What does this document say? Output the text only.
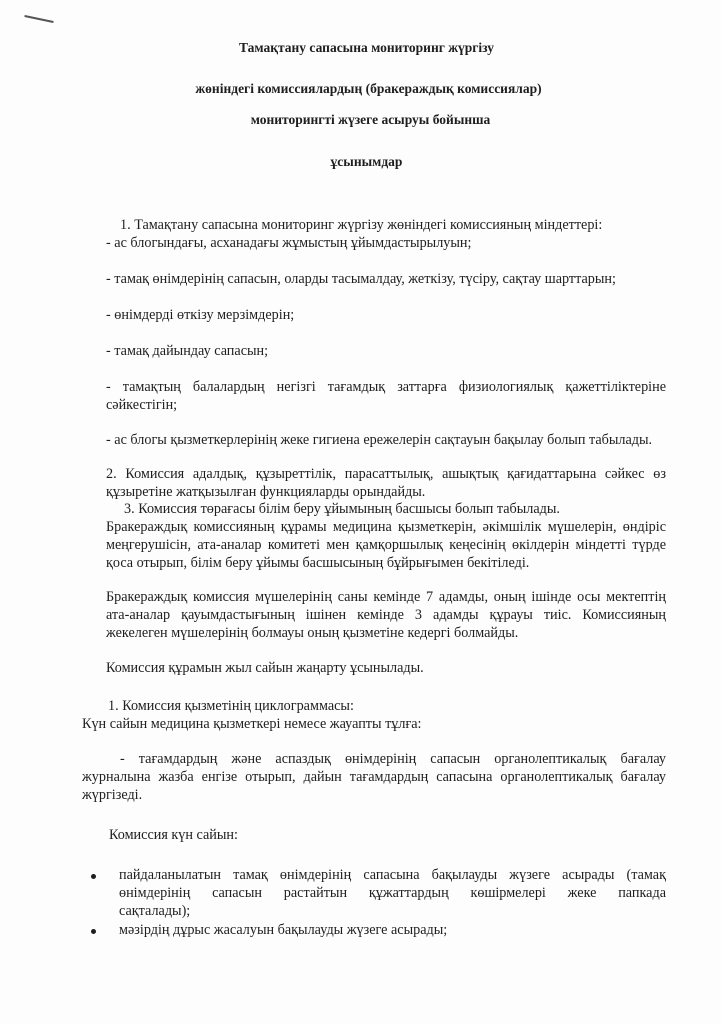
Тамақтану сапасына мониторинг жүргізу
жөніндегі комиссиялардың (бракераждық комиссиялар)
мониторингті жүзеге асыруы бойынша
ұсынымдар
1. Тамақтану сапасына мониторинг жүргізу жөніндегі комиссияның міндеттері:
- ас блогындағы, асханадағы жұмыстың ұйымдастырылуын;
- тамақ өнімдерінің сапасын, оларды тасымалдау, жеткізу, түсіру, сақтау шарттарын;
- өнімдерді өткізу мерзімдерін;
- тамақ дайындау сапасын;
- тамақтың балалардың негізгі тағамдық заттарға физиологиялық қажеттіліктеріне
сәйкестігін;
- ас блогы қызметкерлерінің жеке гигиена ережелерін сақтауын бақылау болып табылады.
2. Комиссия адалдық, құзыреттілік, парасаттылық, ашықтық қағидаттарына сәйкес өз
құзыретіне жатқызылған функцияларды орындайды.
3. Комиссия төрағасы білім беру ұйымының басшысы болып табылады.
Бракераждық комиссияның құрамы медицина қызметкерін, әкімшілік мүшелерін, өндіріс
меңгерушісін, ата-аналар комитеті мен қамқоршылық кеңесінің өкілдерін міндетті түрде
қоса отырып, білім беру ұйымы басшысының бұйрығымен бекітіледі.
Бракераждық комиссия мүшелерінің саны кемінде 7 адамды, оның ішінде осы мектептің
ата-аналар қауымдастығының ішінен кемінде 3 адамды құрауы тиіс. Комиссияның
жекелеген мүшелерінің болмауы оның қызметіне кедергі болмайды.
Комиссия құрамын жыл сайын жаңарту ұсынылады.
1. Комиссия қызметінің циклограммасы:
Күн сайын медицина қызметкері немесе жауапты тұлға:
- тағамдардың және аспаздық өнімдерінің сапасын органолептикалық бағалау
журналына жазба енгізе отырып, дайын тағамдардың сапасына органолептикалық бағалау
жүргізеді.
Комиссия күн сайын:
пайдаланылатын тамақ өнімдерінің сапасына бақылауды жүзеге асырады (тамақ
өнімдерінің сапасын растайтын құжаттардың көшірмелері жеке папкада
сақталады);
мәзірдің дұрыс жасалуын бақылауды жүзеге асырады;
